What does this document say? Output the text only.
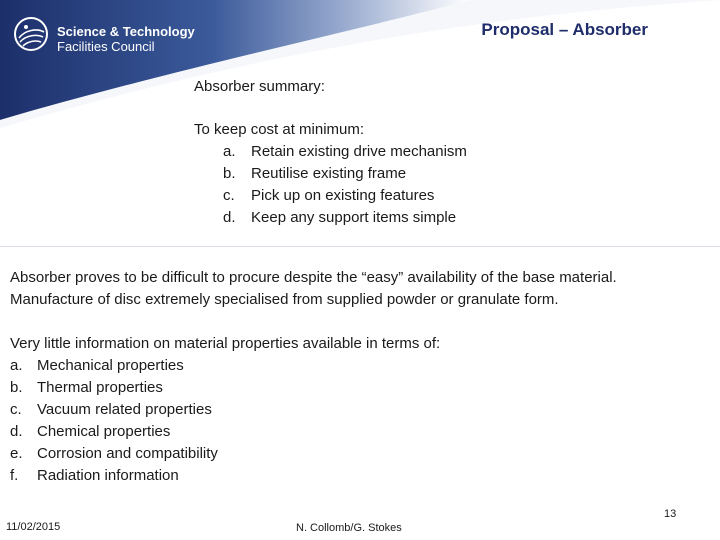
Science & Technology
Facilities Council
Proposal – Absorber
Absorber summary:
To keep cost at minimum:
a. Retain existing drive mechanism
b. Reutilise existing frame
c. Pick up on existing features
d. Keep any support items simple
Absorber proves to be difficult to procure despite the “easy” availability of the base material.
Manufacture of disc extremely specialised from supplied powder or granulate form.
Very little information on material properties available in terms of:
a. Mechanical properties
b. Thermal properties
c. Vacuum related properties
d. Chemical properties
e. Corrosion and compatibility
f. Radiation information
11/02/2015	N. Collomb/G. Stokes
13
